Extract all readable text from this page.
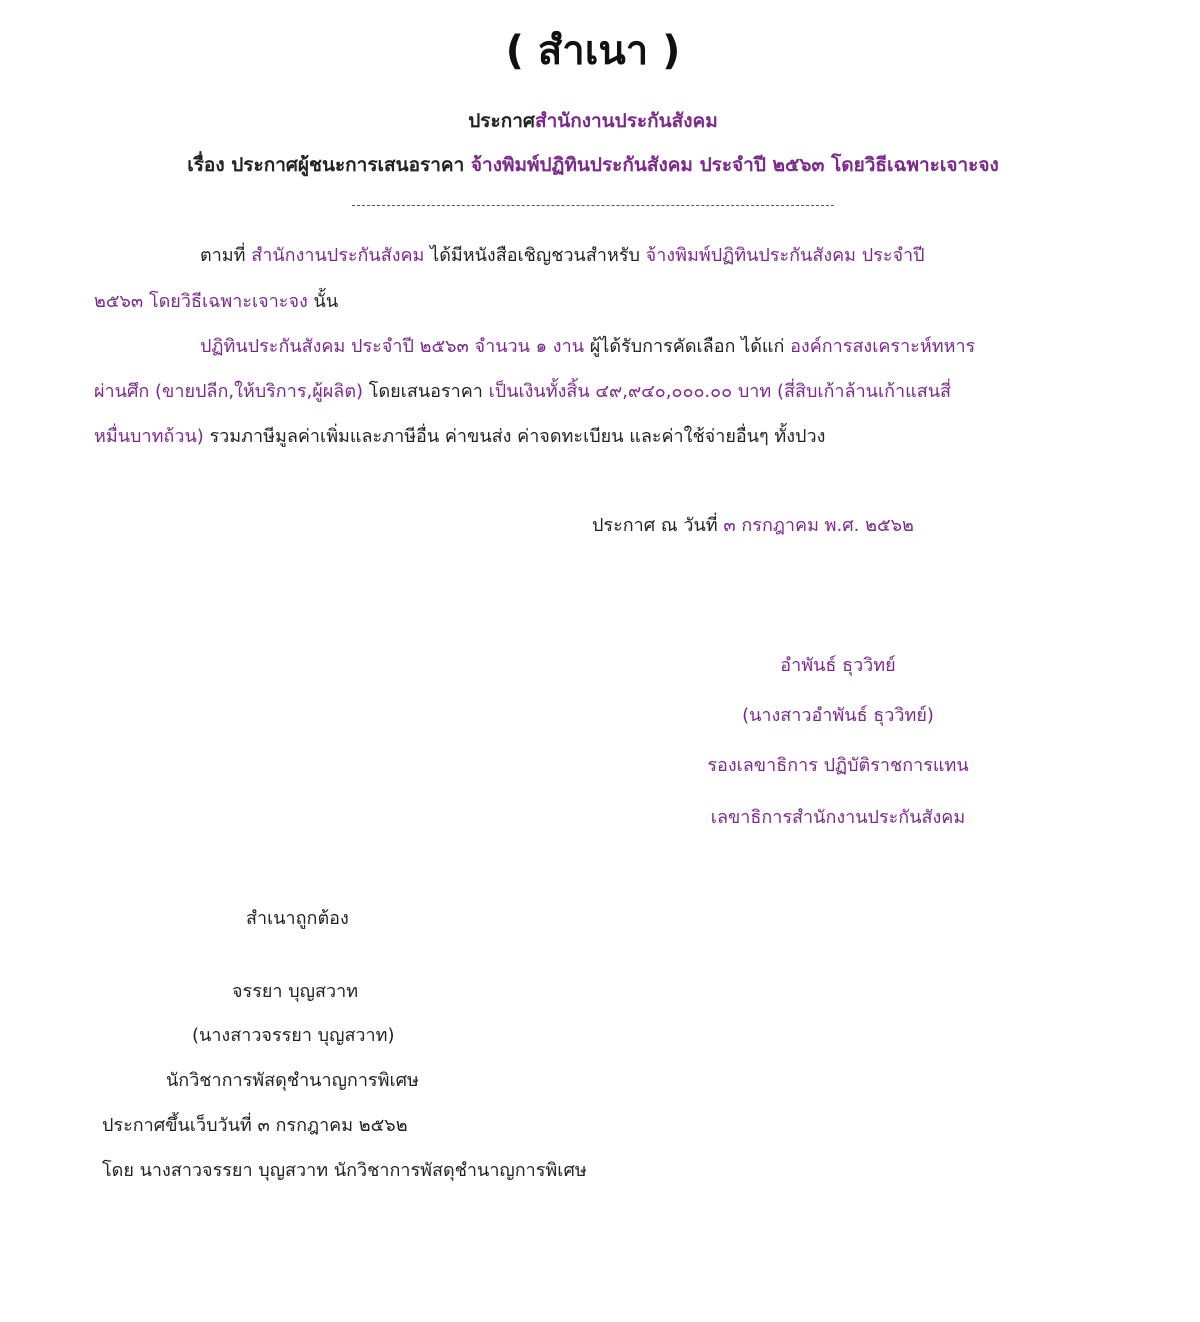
( สำเนา )
ประกาศสำนักงานประกันสังคม
เรื่อง ประกาศผู้ชนะการเสนอราคา จ้างพิมพ์ปฏิทินประกันสังคม ประจำปี ๒๕๖๓ โดยวิธีเฉพาะเจาะจง
ตามที่ สำนักงานประกันสังคม ได้มีหนังสือเชิญชวนสำหรับ จ้างพิมพ์ปฏิทินประกันสังคม ประจำปี
๒๕๖๓ โดยวิธีเฉพาะเจาะจง นั้น
ปฏิทินประกันสังคม ประจำปี ๒๕๖๓ จำนวน ๑ งาน ผู้ได้รับการคัดเลือก ได้แก่ องค์การสงเคราะห์ทหาร
ผ่านศึก (ขายปลีก,ให้บริการ,ผู้ผลิต) โดยเสนอราคา เป็นเงินทั้งสิ้น ๔๙,๙๔๐,๐๐๐.๐๐ บาท (สี่สิบเก้าล้านเก้าแสนสี่
หมื่นบาทถ้วน) รวมภาษีมูลค่าเพิ่มและภาษีอื่น ค่าขนส่ง ค่าจดทะเบียน และค่าใช้จ่ายอื่นๆ ทั้งปวง
ประกาศ ณ วันที่ ๓ กรกฎาคม พ.ศ. ๒๕๖๒
อำพันธ์ ธุววิทย์
(นางสาวอำพันธ์ ธุววิทย์)
รองเลขาธิการ ปฏิบัติราชการแทน
เลขาธิการสำนักงานประกันสังคม
สำเนาถูกต้อง
จรรยา บุญสวาท
(นางสาวจรรยา บุญสวาท)
นักวิชาการพัสดุชำนาญการพิเศษ
ประกาศขึ้นเว็บวันที่ ๓ กรกฎาคม ๒๕๖๒
โดย นางสาวจรรยา บุญสวาท นักวิชาการพัสดุชำนาญการพิเศษ
